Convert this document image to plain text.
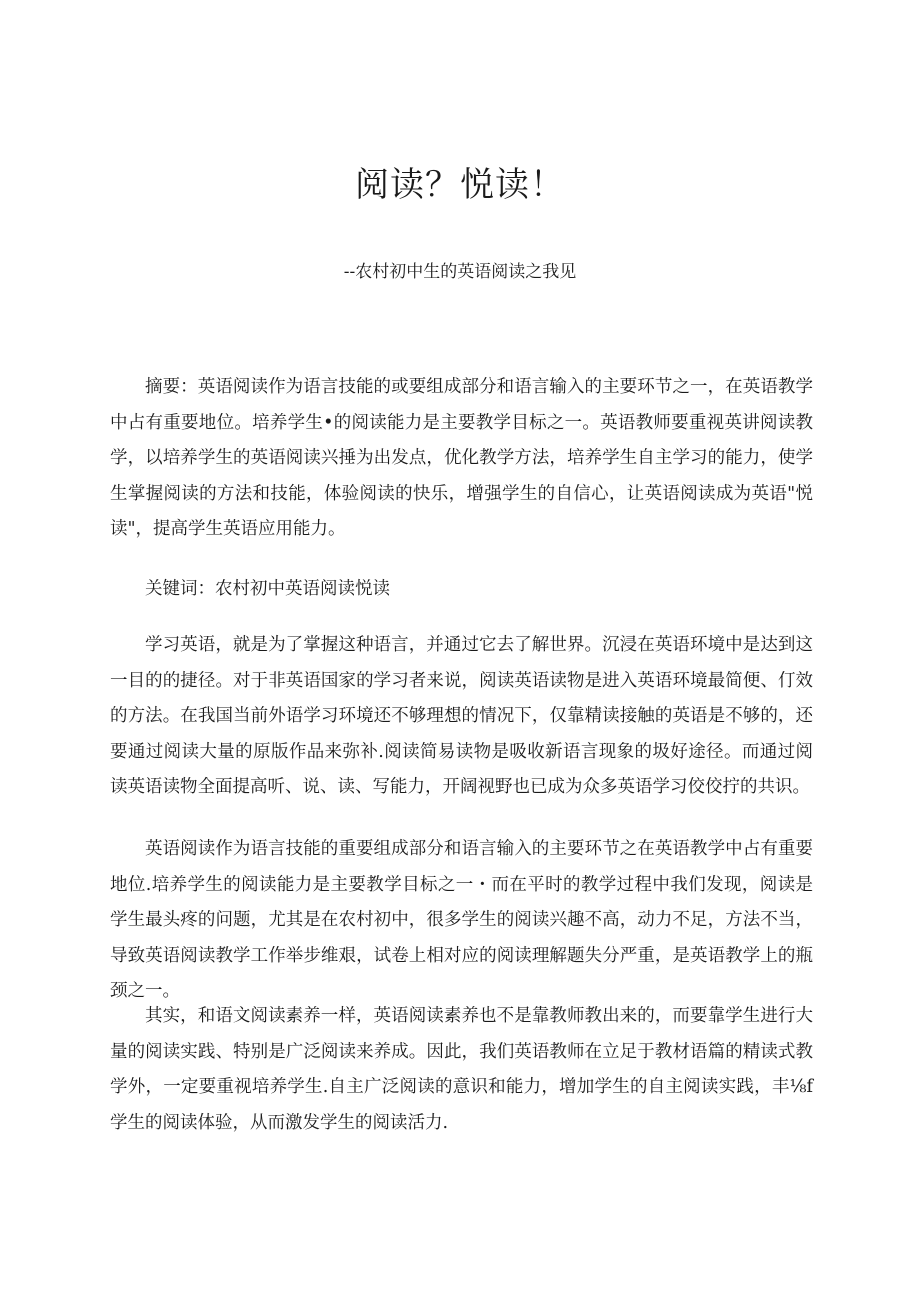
阅读？悦读！

--农村初中生的英语阅读之我见

摘要：英语阅读作为语言技能的或要组成部分和语言输入的主要环节之一，在英语教学中占有重要地位。培养学生•的阅读能力是主要教学目标之一。英语教师要重视英讲阅读教学，以培养学生的英语阅读兴捶为出发点，优化教学方法，培养学生自主学习的能力，使学生掌握阅读的方法和技能，体验阅读的快乐，增强学生的自信心，让英语阅读成为英语"悦读"，提高学生英语应用能力。

关键词：农村初中英语阅读悦读

学习英语，就是为了掌握这种语言，并通过它去了解世界。沉浸在英语环境中是达到这一目的的捷径。对于非英语国家的学习者来说，阅读英语读物是进入英语环境最简便、仃效的方法。在我国当前外语学习环境还不够理想的情况下，仅靠精读接触的英语是不够的，还要通过阅读大量的原版作品来弥补.阅读简易读物是吸收新语言现象的圾好途径。而通过阅读英语读物全面提高听、说、读、写能力，开阔视野也已成为众多英语学习佼佼拧的共识。

英语阅读作为语言技能的重要组成部分和语言输入的主要环节之在英语教学中占有重要地位.培养学生的阅读能力是主要教学目标之一・而在平时的教学过程中我们发现，阅读是学生最头疼的问题，尤其是在农村初中，很多学生的阅读兴趣不高，动力不足，方法不当，导致英语阅读教学工作举步维艰，试卷上相对应的阅读理解题失分严重，是英语教学上的瓶颈之一。

其实，和语文阅读素养一样，英语阅读素养也不是靠教师教出来的，而要靠学生进行大量的阅读实践、特别是广泛阅读来养成。因此，我们英语教师在立足于教材语篇的精读式教学外，一定要重视培养学生.自主广泛阅读的意识和能力，增加学生的自主阅读实践，丰⅛f学生的阅读体验，从而激发学生的阅读活力.
